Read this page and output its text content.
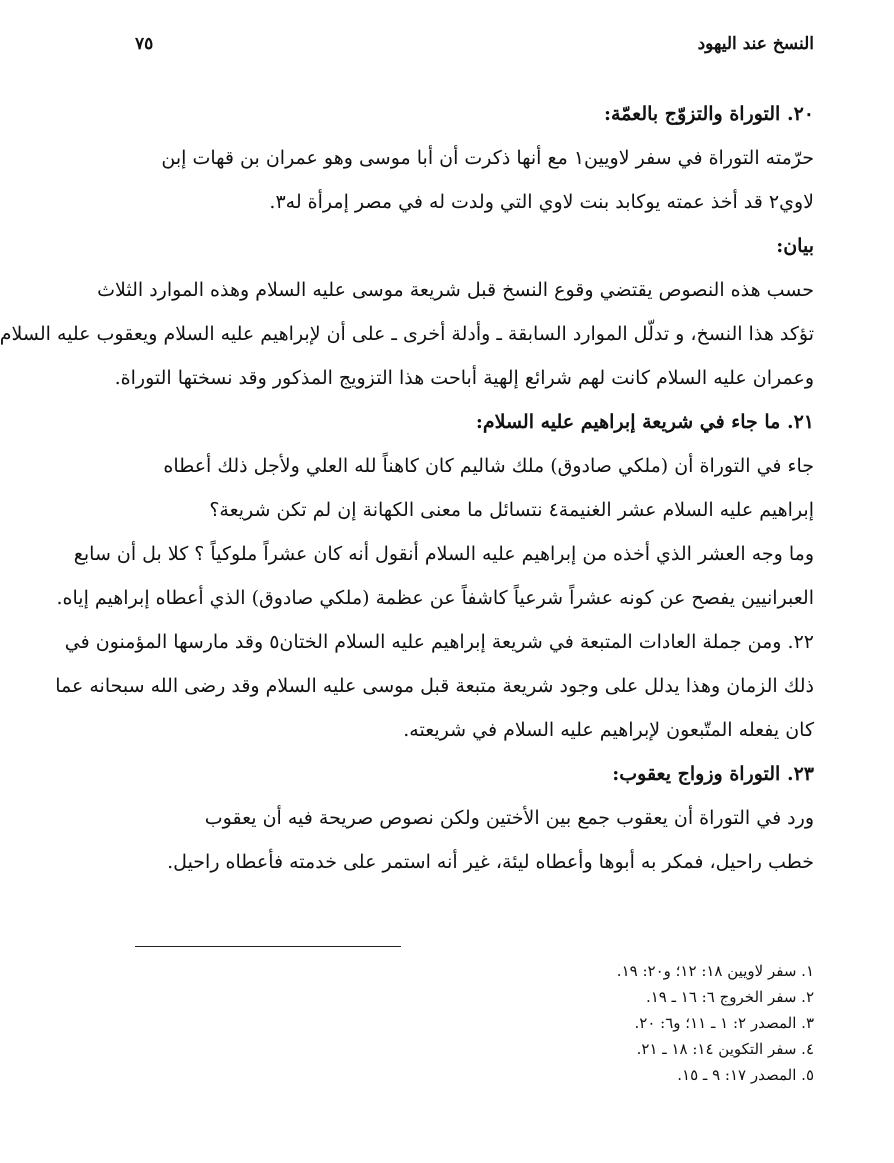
النسخ عند اليهود
٧٥

٢٠. التوراة والتزوّج بالعمّة:

حرّمته التوراة في سفر لاويين١ مع أنها ذكرت أن أبا موسى وهو عمران بن قهات إبن
لاوي٢ قد أخذ عمته يوكابد بنت لاوي التي ولدت له في مصر إمرأة له٣.

بيان:

حسب هذه النصوص يقتضي وقوع النسخ قبل شريعة موسى عليه السلام وهذه الموارد الثلاث
تؤكد هذا النسخ، و تدلّل الموارد السابقة ـ وأدلة أخرى ـ على أن لإبراهيم عليه السلام ويعقوب عليه السلام
وعمران عليه السلام كانت لهم شرائع إلهية أباحت هذا التزويج المذكور وقد نسختها التوراة.

٢١. ما جاء في شريعة إبراهيم عليه السلام:

جاء في التوراة أن (ملكي صادوق) ملك شاليم كان كاهناً لله العلي ولأجل ذلك أعطاه
إبراهيم عليه السلام عشر الغنيمة٤ نتسائل ما معنى الكهانة إن لم تكن شريعة؟

وما وجه العشر الذي أخذه من إبراهيم عليه السلام أنقول أنه كان عشراً ملوكياً ؟ كلا بل أن سابع
العبرانيين يفصح عن كونه عشراً شرعياً كاشفاً عن عظمة (ملكي صادوق) الذي أعطاه إبراهيم إياه.

٢٢. ومن جملة العادات المتبعة في شريعة إبراهيم عليه السلام الختان٥ وقد مارسها المؤمنون في
ذلك الزمان وهذا يدلل على وجود شريعة متبعة قبل موسى عليه السلام وقد رضى الله سبحانه عما
كان يفعله المتّبعون لإبراهيم عليه السلام في شريعته.

٢٣. التوراة وزواج يعقوب:

ورد في التوراة أن يعقوب جمع بين الأختين ولكن نصوص صريحة فيه أن يعقوب
خطب راحيل، فمكر به أبوها وأعطاه ليئة، غير أنه استمر على خدمته فأعطاه راحيل.

١. سفر لاويين ١٨: ١٢؛ و٢٠: ١٩.
٢. سفر الخروج ٦: ١٦ ـ ١٩.
٣. المصدر ٢: ١ ـ ١١؛ و٦: ٢٠.
٤. سفر التكوين ١٤: ١٨ ـ ٢١.
٥. المصدر ١٧: ٩ ـ ١٥.
